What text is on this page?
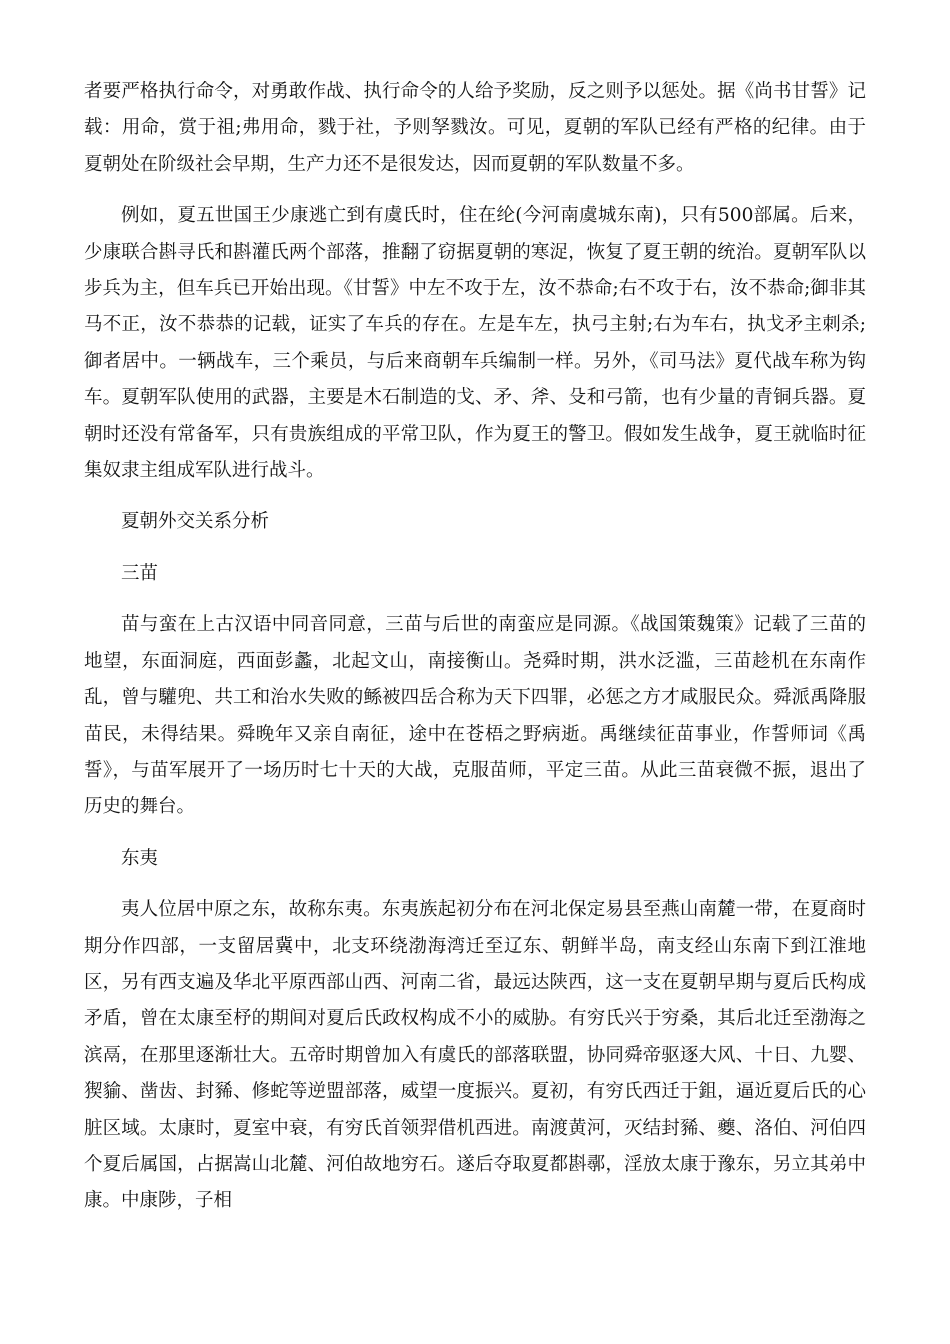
者要严格执行命令，对勇敢作战、执行命令的人给予奖励，反之则予以惩处。据《尚书甘誓》记载：用命，赏于祖;弗用命，戮于社，予则孥戮汝。可见，夏朝的军队已经有严格的纪律。由于夏朝处在阶级社会早期，生产力还不是很发达，因而夏朝的军队数量不多。

例如，夏五世国王少康逃亡到有虞氏时，住在纶(今河南虞城东南)，只有500部属。后来，少康联合斟寻氏和斟灌氏两个部落，推翻了窃据夏朝的寒浞，恢复了夏王朝的统治。夏朝军队以步兵为主，但车兵已开始出现。《甘誓》中左不攻于左，汝不恭命;右不攻于右，汝不恭命;御非其马不正，汝不恭恭的记载，证实了车兵的存在。左是车左，执弓主射;右为车右，执戈矛主刺杀;御者居中。一辆战车，三个乘员，与后来商朝车兵编制一样。另外，《司马法》夏代战车称为钩车。夏朝军队使用的武器，主要是木石制造的戈、矛、斧、殳和弓箭，也有少量的青铜兵器。夏朝时还没有常备军，只有贵族组成的平常卫队，作为夏王的警卫。假如发生战争，夏王就临时征集奴隶主组成军队进行战斗。

夏朝外交关系分析

三苗

苗与蛮在上古汉语中同音同意，三苗与后世的南蛮应是同源。《战国策魏策》记载了三苗的地望，东面洞庭，西面彭蠡，北起文山，南接衡山。尧舜时期，洪水泛滥，三苗趁机在东南作乱，曾与驩兜、共工和治水失败的鲧被四岳合称为天下四罪，必惩之方才咸服民众。舜派禹降服苗民，未得结果。舜晚年又亲自南征，途中在苍梧之野病逝。禹继续征苗事业，作誓师词《禹誓》，与苗军展开了一场历时七十天的大战，克服苗师，平定三苗。从此三苗衰微不振，退出了历史的舞台。

东夷

夷人位居中原之东，故称东夷。东夷族起初分布在河北保定易县至燕山南麓一带，在夏商时期分作四部，一支留居冀中，北支环绕渤海湾迁至辽东、朝鲜半岛，南支经山东南下到江淮地区，另有西支遍及华北平原西部山西、河南二省，最远达陕西，这一支在夏朝早期与夏后氏构成矛盾，曾在太康至杼的期间对夏后氏政权构成不小的威胁。有穷氏兴于穷桑，其后北迁至渤海之滨鬲，在那里逐渐壮大。五帝时期曾加入有虞氏的部落联盟，协同舜帝驱逐大风、十日、九婴、猰貐、凿齿、封豨、修蛇等逆盟部落，威望一度振兴。夏初，有穷氏西迁于鉏，逼近夏后氏的心脏区域。太康时，夏室中衰，有穷氏首领羿借机西进。南渡黄河，灭结封豨、夔、洛伯、河伯四个夏后属国，占据嵩山北麓、河伯故地穷石。遂后夺取夏都斟鄩，淫放太康于豫东，另立其弟中康。中康陟，子相
